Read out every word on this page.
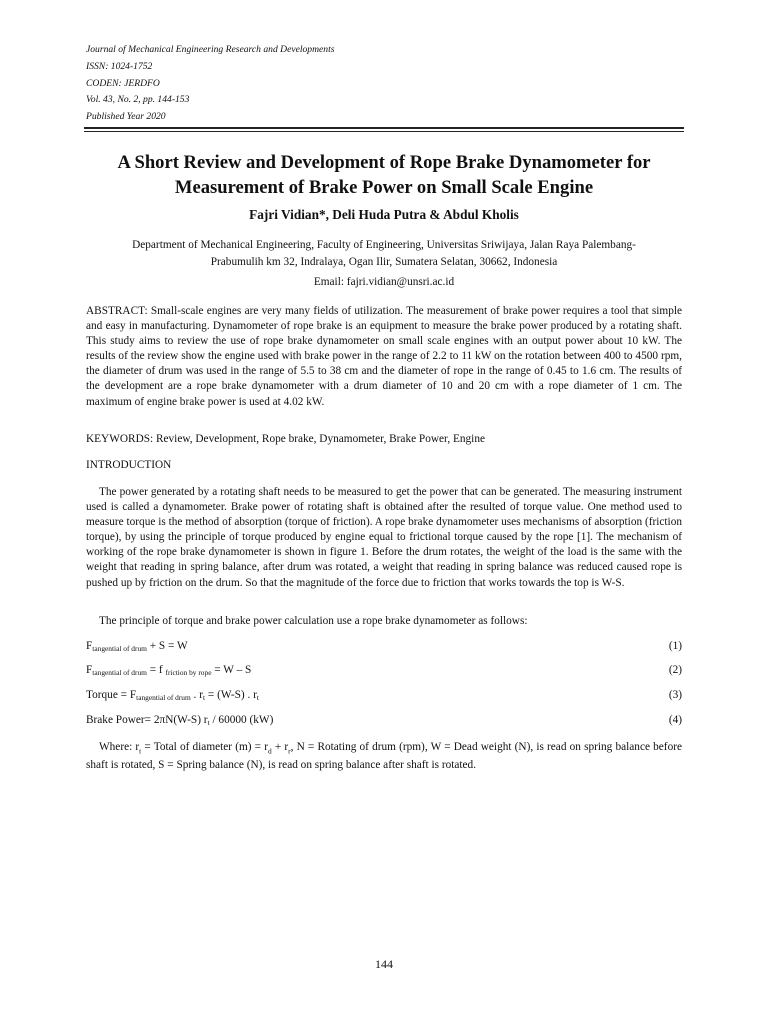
Journal of Mechanical Engineering Research and Developments
ISSN: 1024-1752
CODEN: JERDFO
Vol. 43, No. 2, pp. 144-153
Published Year 2020
A Short Review and Development of Rope Brake Dynamometer for
Measurement of Brake Power on Small Scale Engine
Fajri Vidian*, Deli Huda Putra & Abdul Kholis
Department of Mechanical Engineering, Faculty of Engineering, Universitas Sriwijaya, Jalan Raya Palembang-
Prabumulih km 32, Indralaya, Ogan Ilir, Sumatera Selatan, 30662, Indonesia
Email: fajri.vidian@unsri.ac.id
ABSTRACT: Small-scale engines are very many fields of utilization. The measurement of brake power requires a tool that simple and easy in manufacturing. Dynamometer of rope brake is an equipment to measure the brake power produced by a rotating shaft. This study aims to review the use of rope brake dynamometer on small scale engines with an output power about 10 kW. The results of the review show the engine used with brake power in the range of 2.2 to 11 kW on the rotation between 400 to 4500 rpm, the diameter of drum was used in the range of 5.5 to 38 cm and the diameter of rope in the range of 0.45 to 1.6 cm. The results of the development are a rope brake dynamometer with a drum diameter of 10 and 20 cm with a rope diameter of 1 cm. The maximum of engine brake power is used at 4.02 kW.
KEYWORDS: Review, Development, Rope brake, Dynamometer, Brake Power, Engine
INTRODUCTION
The power generated by a rotating shaft needs to be measured to get the power that can be generated. The measuring instrument used is called a dynamometer. Brake power of rotating shaft is obtained after the resulted of torque value. One method used to measure torque is the method of absorption (torque of friction). A rope brake dynamometer uses mechanisms of absorption (friction torque), by using the principle of torque produced by engine equal to frictional torque caused by the rope [1]. The mechanism of working of the rope brake dynamometer is shown in figure 1. Before the drum rotates, the weight of the load is the same with the weight that reading in spring balance, after drum was rotated, a weight that reading in spring balance was reduced caused rope is pushed up by friction on the drum. So that the magnitude of the force due to friction that works towards the top is W-S.
The principle of torque and brake power calculation use a rope brake dynamometer as follows:
$F_{tangential of drum} + S = W$	(1)
$F_{tangential of drum} = f$ $_{friction by rope}$ = W – S	(2)
Torque = $F_{tangential of drum}$ . $r_t = (W-S)$ . $r_t$	(3)
Brake Power= 2πN(W-S) $r_t / 60000$ (kW)	(4)
Where: $r_t$ = Total of diameter $(m) = r_d + r_r$, N = Rotating of drum (rpm), W = Dead weight (N), is read on spring balance before shaft is rotated, S = Spring balance (N), is read on spring balance after shaft is rotated.
144
